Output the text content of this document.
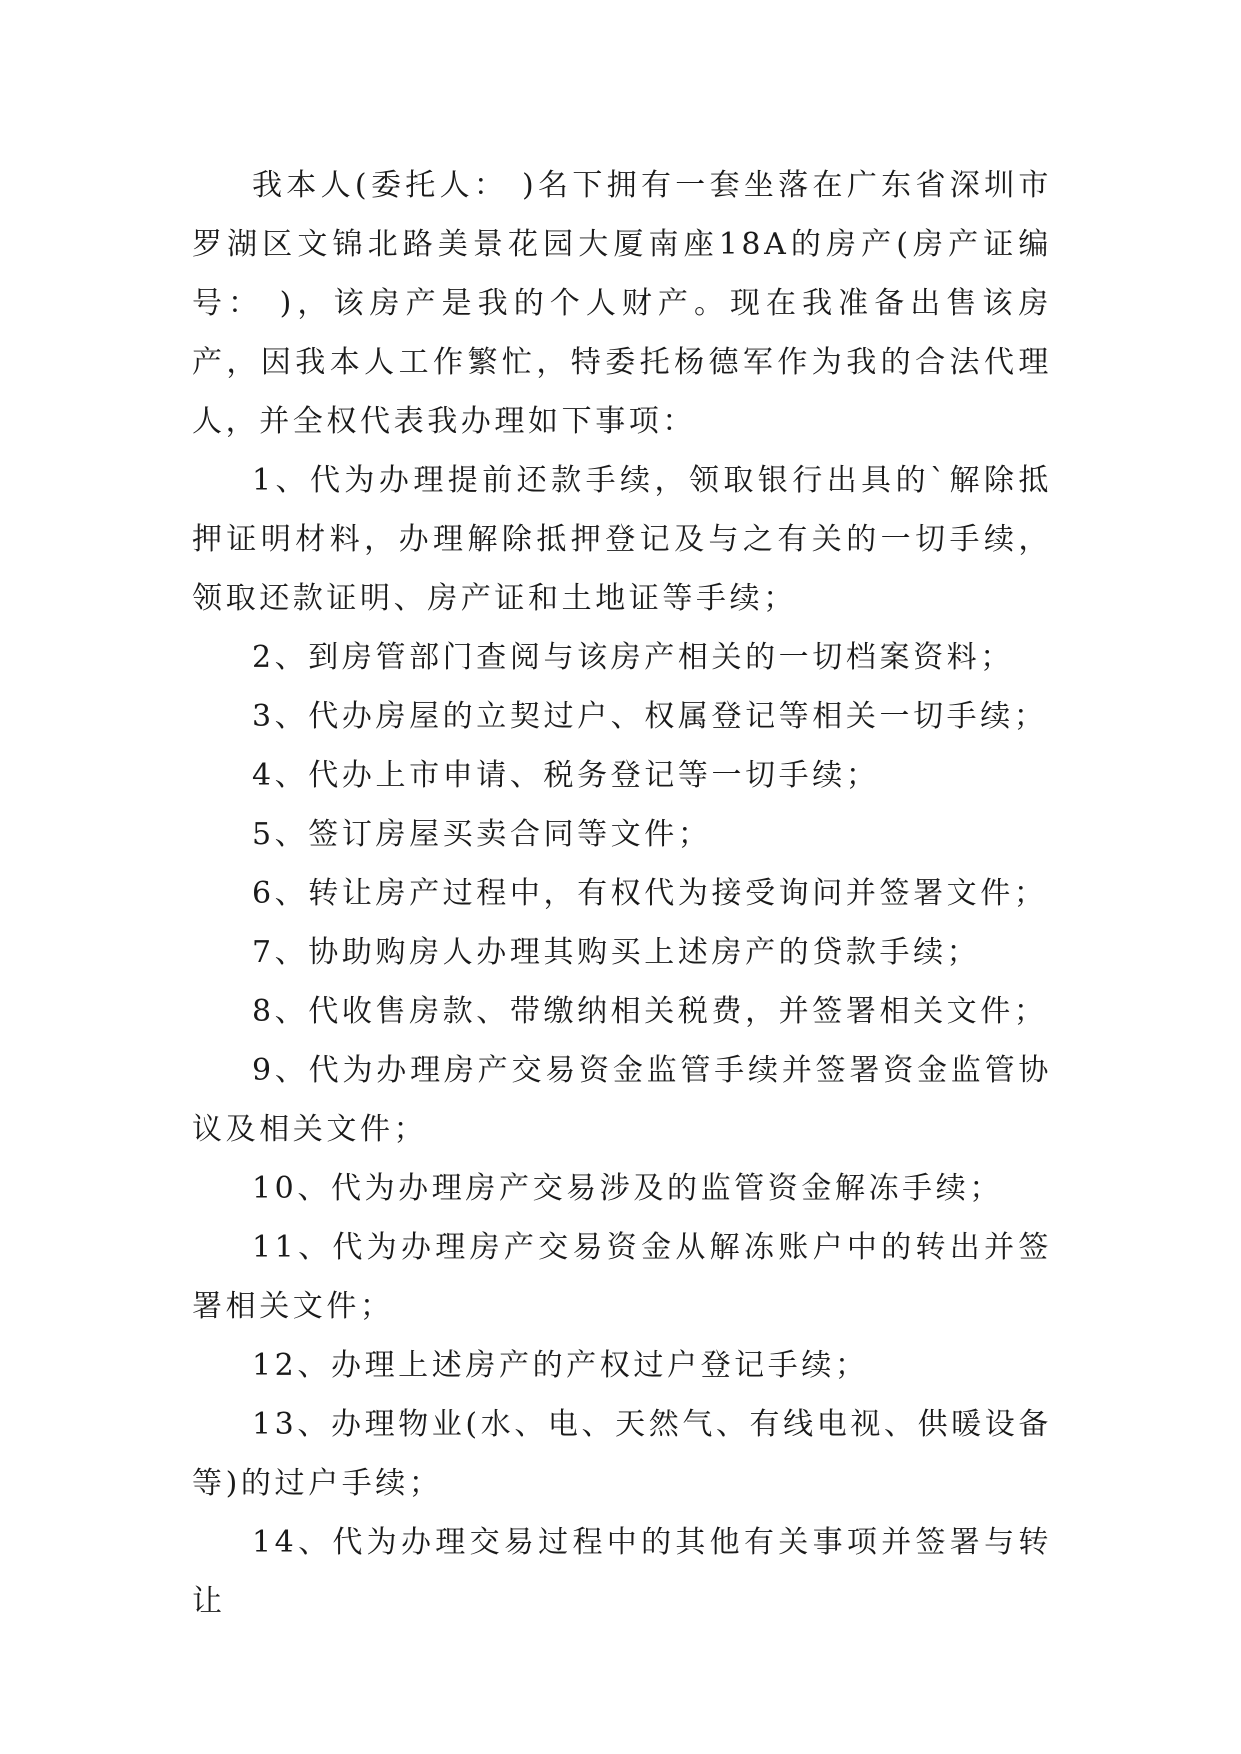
我本人(委托人： )名下拥有一套坐落在广东省深圳市罗湖区文锦北路美景花园大厦南座18A的房产(房产证编号： )，该房产是我的个人财产。现在我准备出售该房产，因我本人工作繁忙，特委托杨德军作为我的合法代理人，并全权代表我办理如下事项：

1、代为办理提前还款手续，领取银行出具的`解除抵押证明材料，办理解除抵押登记及与之有关的一切手续，领取还款证明、房产证和土地证等手续；

2、到房管部门查阅与该房产相关的一切档案资料；

3、代办房屋的立契过户、权属登记等相关一切手续；

4、代办上市申请、税务登记等一切手续；

5、签订房屋买卖合同等文件；

6、转让房产过程中，有权代为接受询问并签署文件；

7、协助购房人办理其购买上述房产的贷款手续；

8、代收售房款、带缴纳相关税费，并签署相关文件；

9、代为办理房产交易资金监管手续并签署资金监管协议及相关文件；

10、代为办理房产交易涉及的监管资金解冻手续；

11、代为办理房产交易资金从解冻账户中的转出并签署相关文件；

12、办理上述房产的产权过户登记手续；

13、办理物业(水、电、天然气、有线电视、供暖设备等)的过户手续；

14、代为办理交易过程中的其他有关事项并签署与转让
